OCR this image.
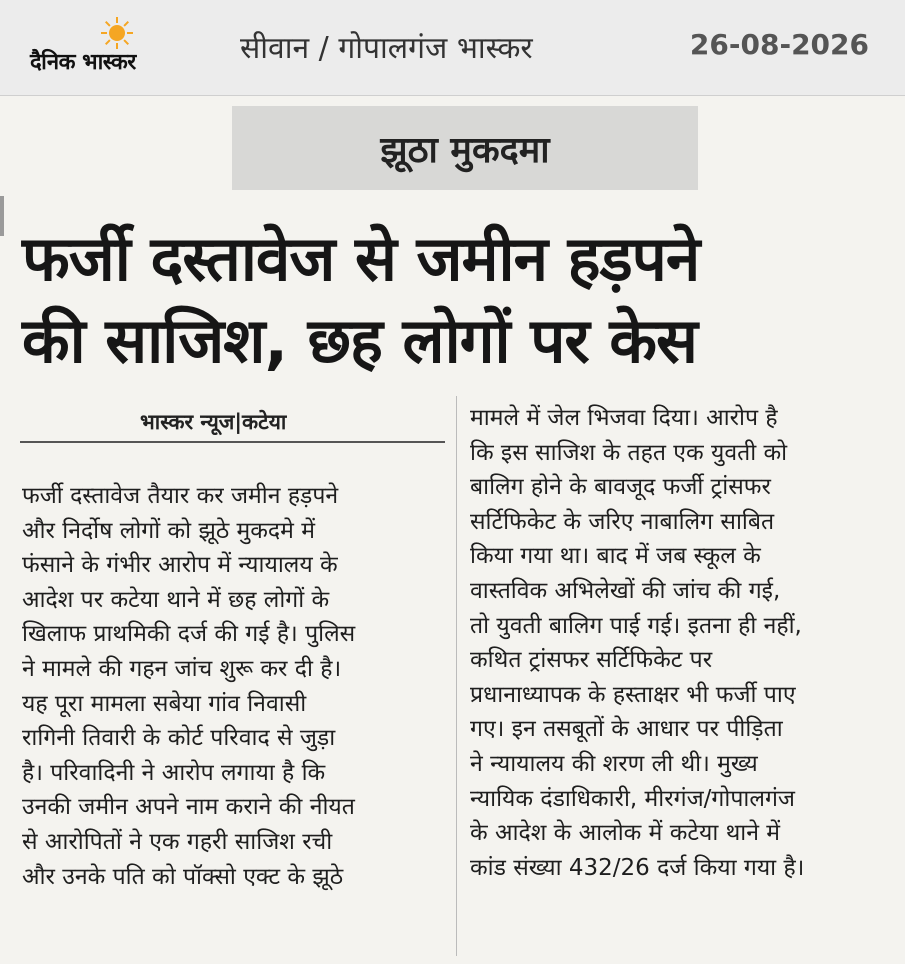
दैनिक भास्कर	सीवान / गोपालगंज भास्कर	26-08-2026
झूठा मुकदमा
फर्जी दस्तावेज से जमीन हड़पने
की साजिश, छह लोगों पर केस
भास्कर न्यूज|कटेया
फर्जी दस्तावेज तैयार कर जमीन हड़पने
और निर्दोष लोगों को झूठे मुकदमे में
फंसाने के गंभीर आरोप में न्यायालय के
आदेश पर कटेया थाने में छह लोगों के
खिलाफ प्राथमिकी दर्ज की गई है। पुलिस
ने मामले की गहन जांच शुरू कर दी है।
यह पूरा मामला सबेया गांव निवासी
रागिनी तिवारी के कोर्ट परिवाद से जुड़ा
है। परिवादिनी ने आरोप लगाया है कि
उनकी जमीन अपने नाम कराने की नीयत
से आरोपितों ने एक गहरी साजिश रची
और उनके पति को पॉक्सो एक्ट के झूठे
मामले में जेल भिजवा दिया। आरोप है
कि इस साजिश के तहत एक युवती को
बालिग होने के बावजूद फर्जी ट्रांसफर
सर्टिफिकेट के जरिए नाबालिग साबित
किया गया था। बाद में जब स्कूल के
वास्तविक अभिलेखों की जांच की गई,
तो युवती बालिग पाई गई। इतना ही नहीं,
कथित ट्रांसफर सर्टिफिकेट पर
प्रधानाध्यापक के हस्ताक्षर भी फर्जी पाए
गए। इन तसबूतों के आधार पर पीड़िता
ने न्यायालय की शरण ली थी। मुख्य
न्यायिक दंडाधिकारी, मीरगंज/गोपालगंज
के आदेश के आलोक में कटेया थाने में
कांड संख्या 432/26 दर्ज किया गया है।
